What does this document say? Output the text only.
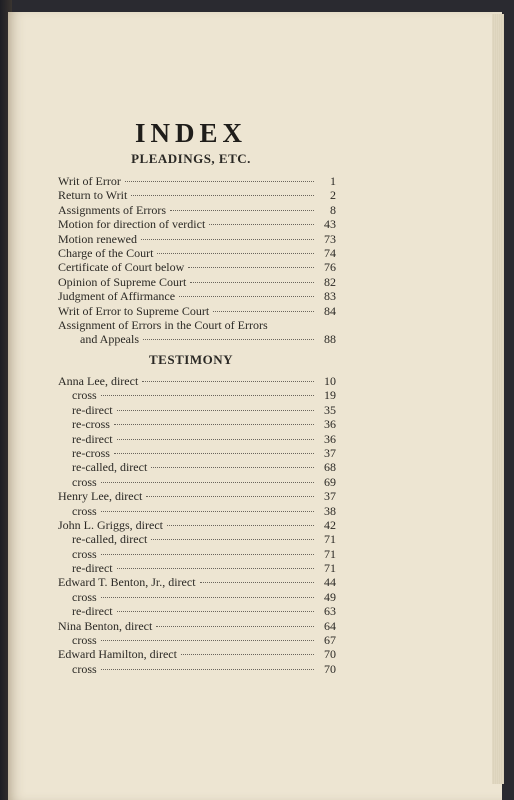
INDEX
PLEADINGS, ETC.
Writ of Error	1
Return to Writ	2
Assignments of Errors	8
Motion for direction of verdict	43
Motion renewed	73
Charge of the Court	74
Certificate of Court below	76
Opinion of Supreme Court	82
Judgment of Affirmance	83
Writ of Error to Supreme Court	84
Assignment of Errors in the Court of Errors
and Appeals	88
TESTIMONY
Anna Lee, direct	10
cross	19
re-direct	35
re-cross	36
re-direct	36
re-cross	37
re-called, direct	68
cross	69
Henry Lee, direct	37
cross	38
John L. Griggs, direct	42
re-called, direct	71
cross	71
re-direct	71
Edward T. Benton, Jr., direct	44
cross	49
re-direct	63
Nina Benton, direct	64
cross	67
Edward Hamilton, direct	70
cross	70
